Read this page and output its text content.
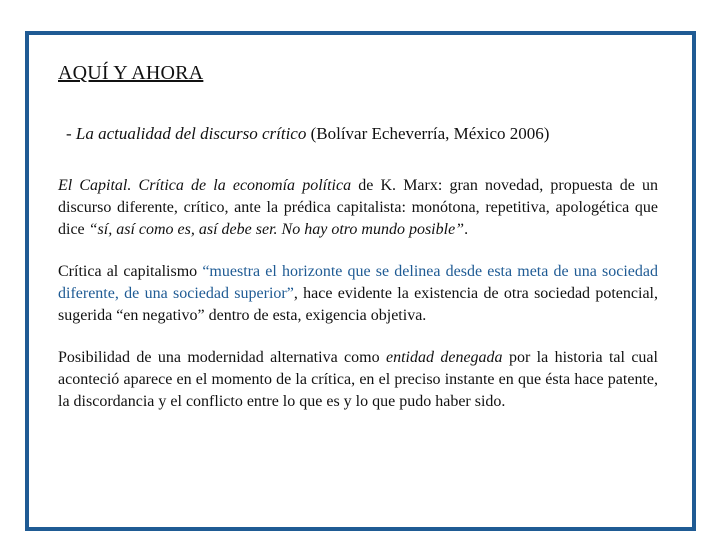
AQUÍ Y AHORA
- La actualidad del discurso crítico (Bolívar Echeverría, México 2006)
El Capital. Crítica de la economía política de K. Marx: gran novedad, propuesta de un discurso diferente, crítico, ante la prédica capitalista: monótona, repetitiva, apologética que dice “sí, así como es, así debe ser. No hay otro mundo posible”.
Crítica al capitalismo “muestra el horizonte que se delinea desde esta meta de una sociedad diferente, de una sociedad superior”, hace evidente la existencia de otra sociedad potencial, sugerida “en negativo” dentro de esta, exigencia objetiva.
Posibilidad de una modernidad alternativa como entidad denegada por la historia tal cual aconteció aparece en el momento de la crítica, en el preciso instante en que ésta hace patente, la discordancia y el conflicto entre lo que es y lo que pudo haber sido.
